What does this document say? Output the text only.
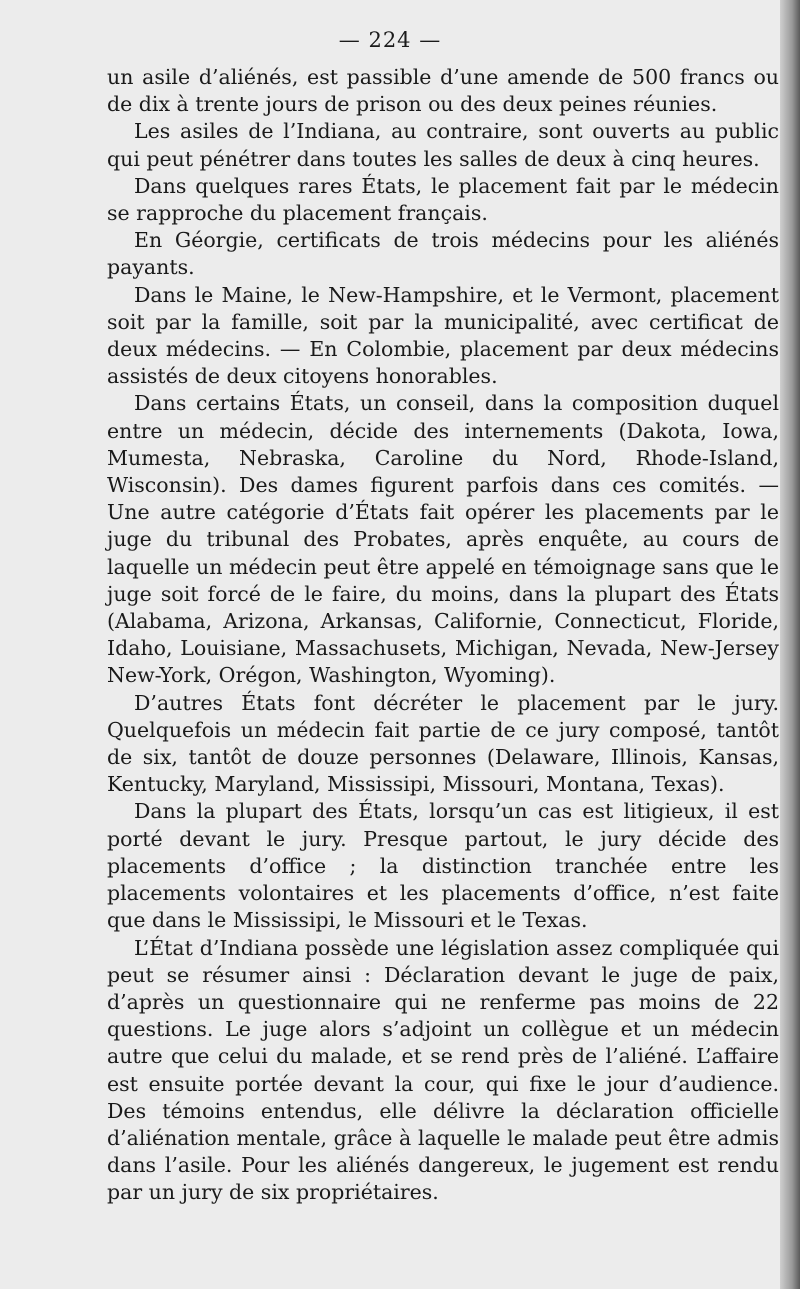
— 224 —

un asile d’aliénés, est passible d’une amende de 500 francs ou de dix à trente jours de prison ou des deux peines réunies.

Les asiles de l’Indiana, au contraire, sont ouverts au public qui peut pénétrer dans toutes les salles de deux à cinq heures.

Dans quelques rares États, le placement fait par le médecin se rapproche du placement français.

En Géorgie, certificats de trois médecins pour les aliénés payants.

Dans le Maine, le New-Hampshire, et le Vermont, placement soit par la famille, soit par la municipalité, avec certificat de deux médecins. — En Colombie, placement par deux médecins assistés de deux citoyens honorables.

Dans certains États, un conseil, dans la composition duquel entre un médecin, décide des internements (Dakota, Iowa, Mumesta, Nebraska, Caroline du Nord, Rhode-Island, Wisconsin). Des dames figurent parfois dans ces comités. — Une autre catégorie d’États fait opérer les placements par le juge du tribunal des Probates, après enquête, au cours de laquelle un médecin peut être appelé en témoignage sans que le juge soit forcé de le faire, du moins, dans la plupart des États (Alabama, Arizona, Arkansas, Californie, Connecticut, Floride, Idaho, Louisiane, Massachusets, Michigan, Nevada, New-Jersey New-York, Orégon, Washington, Wyoming).

D’autres États font décréter le placement par le jury. Quelquefois un médecin fait partie de ce jury composé, tantôt de six, tantôt de douze personnes (Delaware, Illinois, Kansas, Kentucky, Maryland, Mississipi, Missouri, Montana, Texas).

Dans la plupart des États, lorsqu’un cas est litigieux, il est porté devant le jury. Presque partout, le jury décide des placements d’office ; la distinction tranchée entre les placements volontaires et les placements d’office, n’est faite que dans le Mississipi, le Missouri et le Texas.

L’État d’Indiana possède une législation assez compliquée qui peut se résumer ainsi : Déclaration devant le juge de paix, d’après un questionnaire qui ne renferme pas moins de 22 questions. Le juge alors s’adjoint un collègue et un médecin autre que celui du malade, et se rend près de l’aliéné. L’affaire est ensuite portée devant la cour, qui fixe le jour d’audience. Des témoins entendus, elle délivre la déclaration officielle d’aliénation mentale, grâce à laquelle le malade peut être admis dans l’asile. Pour les aliénés dangereux, le jugement est rendu par un jury de six propriétaires.
